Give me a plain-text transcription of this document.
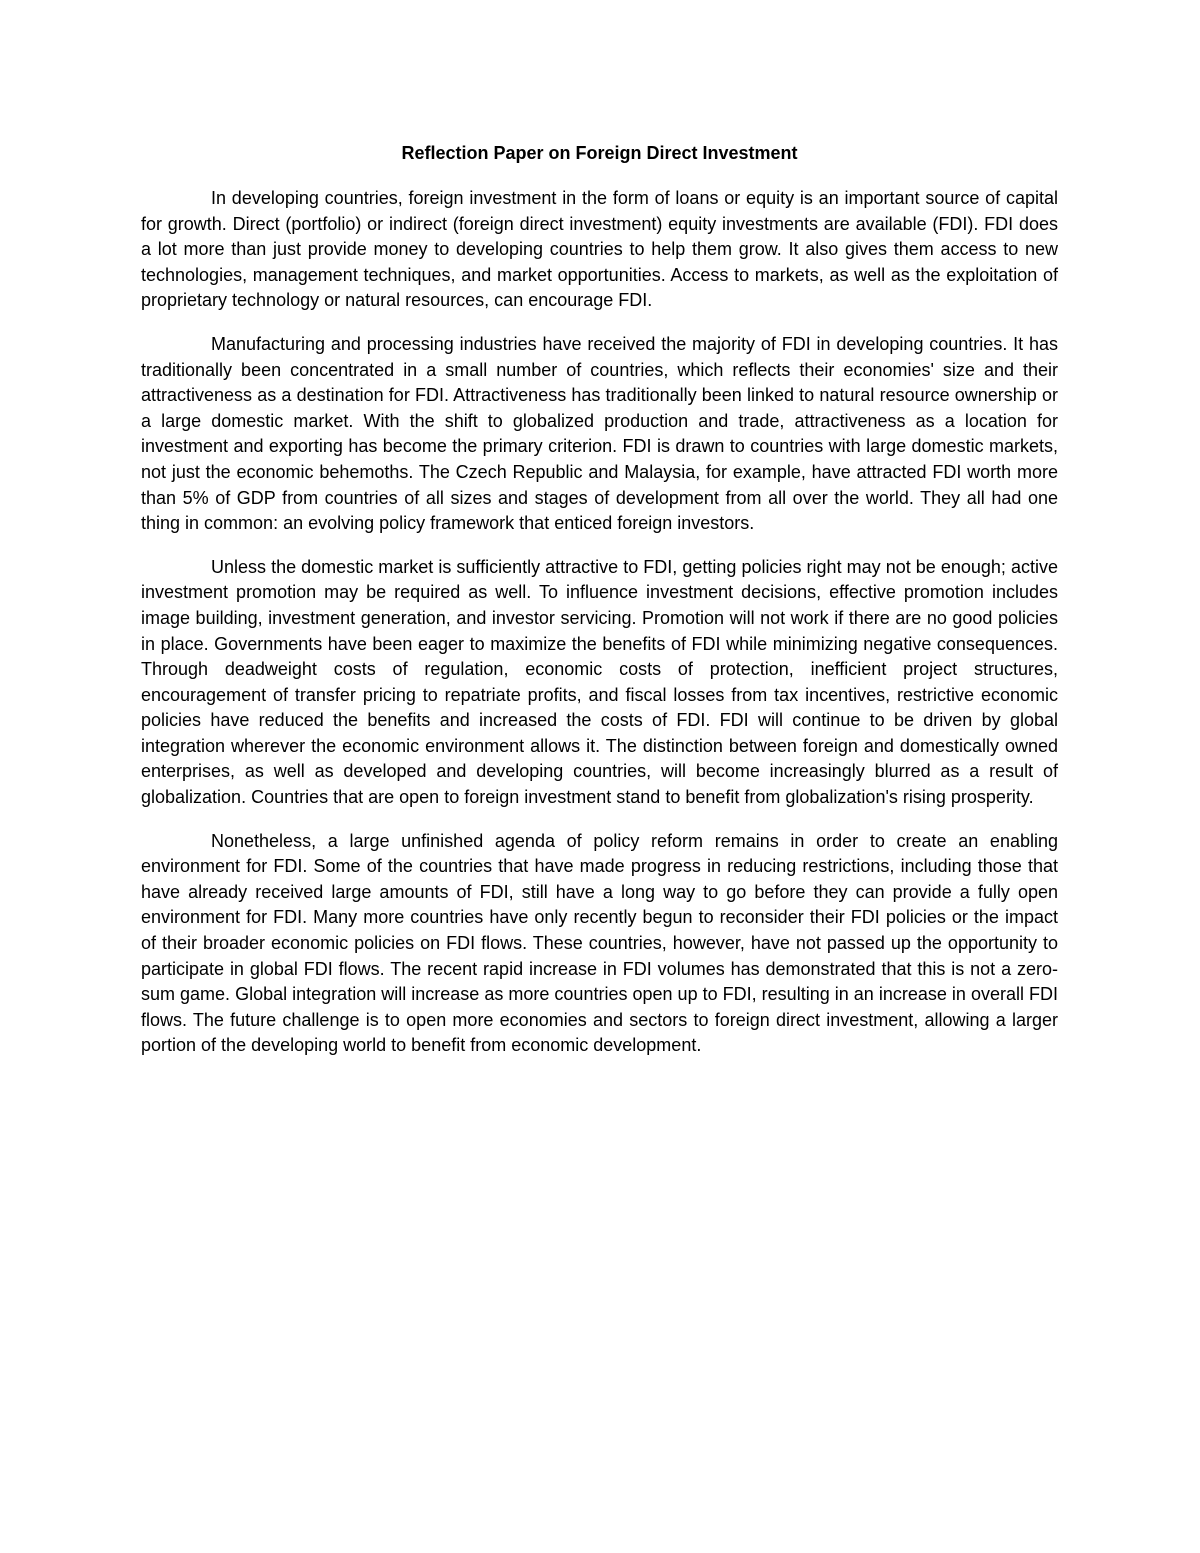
Reflection Paper on Foreign Direct Investment

In developing countries, foreign investment in the form of loans or equity is an important source of capital for growth. Direct (portfolio) or indirect (foreign direct investment) equity investments are available (FDI). FDI does a lot more than just provide money to developing countries to help them grow. It also gives them access to new technologies, management techniques, and market opportunities. Access to markets, as well as the exploitation of proprietary technology or natural resources, can encourage FDI.

Manufacturing and processing industries have received the majority of FDI in developing countries. It has traditionally been concentrated in a small number of countries, which reflects their economies' size and their attractiveness as a destination for FDI. Attractiveness has traditionally been linked to natural resource ownership or a large domestic market. With the shift to globalized production and trade, attractiveness as a location for investment and exporting has become the primary criterion. FDI is drawn to countries with large domestic markets, not just the economic behemoths. The Czech Republic and Malaysia, for example, have attracted FDI worth more than 5% of GDP from countries of all sizes and stages of development from all over the world. They all had one thing in common: an evolving policy framework that enticed foreign investors.

Unless the domestic market is sufficiently attractive to FDI, getting policies right may not be enough; active investment promotion may be required as well. To influence investment decisions, effective promotion includes image building, investment generation, and investor servicing. Promotion will not work if there are no good policies in place. Governments have been eager to maximize the benefits of FDI while minimizing negative consequences. Through deadweight costs of regulation, economic costs of protection, inefficient project structures, encouragement of transfer pricing to repatriate profits, and fiscal losses from tax incentives, restrictive economic policies have reduced the benefits and increased the costs of FDI. FDI will continue to be driven by global integration wherever the economic environment allows it. The distinction between foreign and domestically owned enterprises, as well as developed and developing countries, will become increasingly blurred as a result of globalization. Countries that are open to foreign investment stand to benefit from globalization's rising prosperity.

Nonetheless, a large unfinished agenda of policy reform remains in order to create an enabling environment for FDI. Some of the countries that have made progress in reducing restrictions, including those that have already received large amounts of FDI, still have a long way to go before they can provide a fully open environment for FDI. Many more countries have only recently begun to reconsider their FDI policies or the impact of their broader economic policies on FDI flows. These countries, however, have not passed up the opportunity to participate in global FDI flows. The recent rapid increase in FDI volumes has demonstrated that this is not a zero-sum game. Global integration will increase as more countries open up to FDI, resulting in an increase in overall FDI flows. The future challenge is to open more economies and sectors to foreign direct investment, allowing a larger portion of the developing world to benefit from economic development.
